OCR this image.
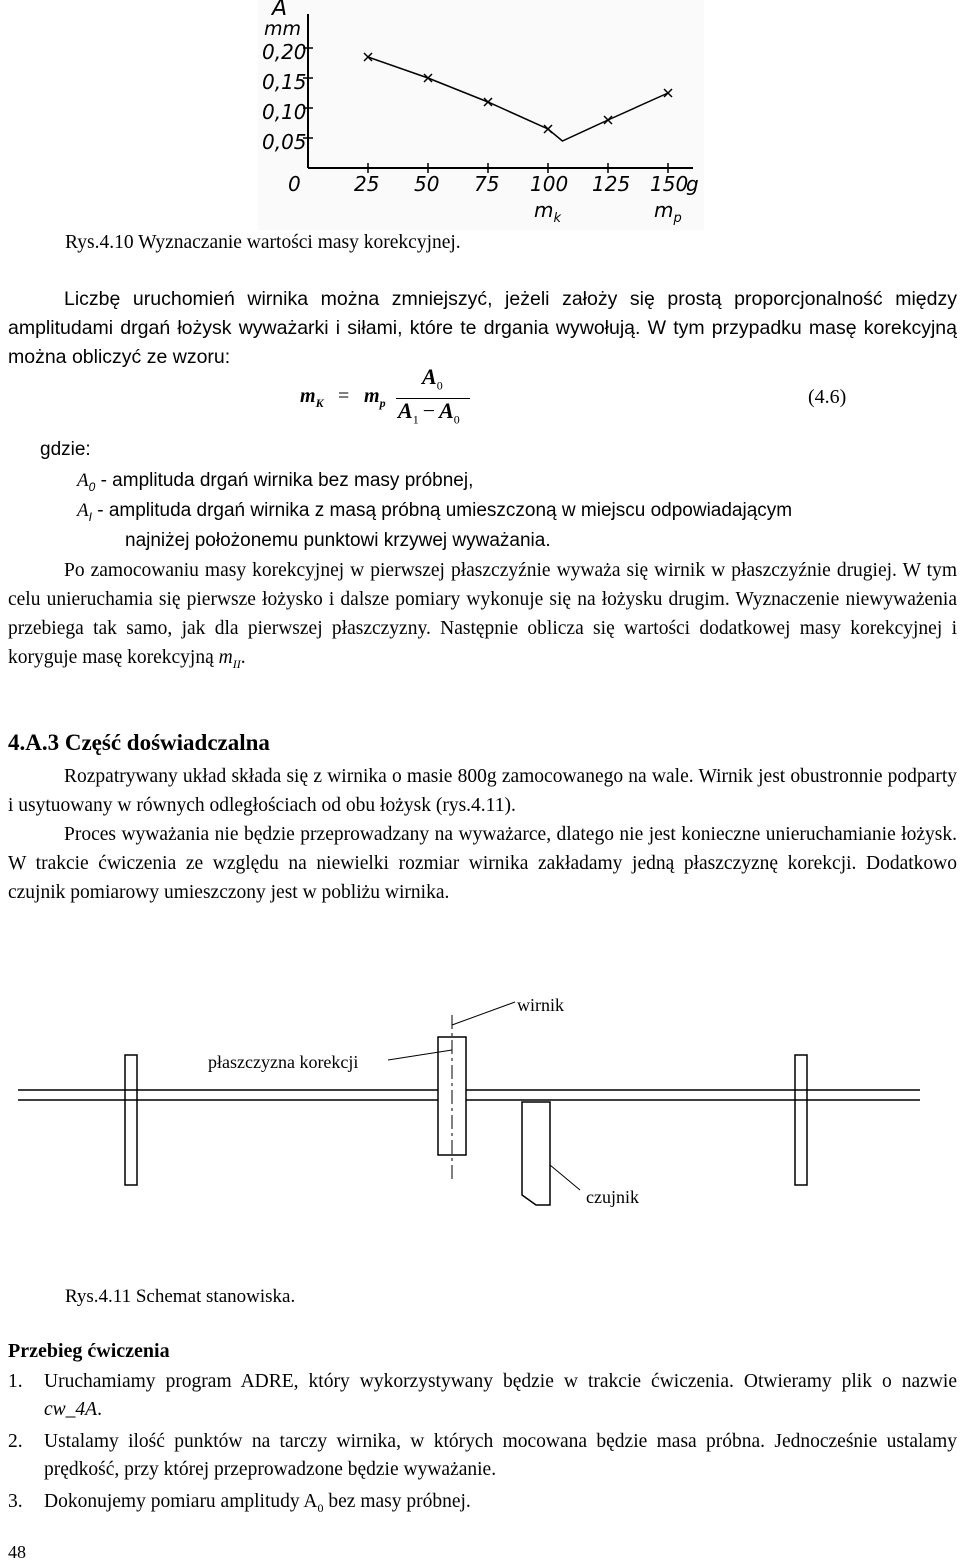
A
mm
0,20
0,15
0,10
0,05
0	25 50 75 100 125 150
g
$m_k$	$m_p$
Rys.4.10 Wyznaczanie wartości masy korekcyjnej.
Liczbę uruchomień wirnika można zmniejszyć, jeżeli założy się prostą proporcjonalność między amplitudami drgań łożysk wyważarki i siłami, które te drgania wywołują. W tym przypadku masę korekcyjną można obliczyć ze wzoru:
$m_K = m_p$
$A_0$
$A_1 - A_0$
(4.6)
gdzie:
$A_0$ - amplituda drgań wirnika bez masy próbnej,
$A_I$ - amplituda drgań wirnika z masą próbną umieszczoną w miejscu odpowiadającym
najniżej położonemu punktowi krzywej wyważania.
Po zamocowaniu masy korekcyjnej w pierwszej płaszczyźnie wyważa się wirnik w płaszczyźnie drugiej. W tym celu unieruchamia się pierwsze łożysko i dalsze pomiary wykonuje się na łożysku drugim. Wyznaczenie niewyważenia przebiega tak samo, jak dla pierwszej płaszczyzny. Następnie oblicza się wartości dodatkowej masy korekcyjnej i koryguje masę korekcyjną $m_{II}$.
4.A.3 Część doświadczalna
Rozpatrywany układ składa się z wirnika o masie 800g zamocowanego na wale. Wirnik jest obustronnie podparty i usytuowany w równych odległościach od obu łożysk (rys.4.11).
Proces wyważania nie będzie przeprowadzany na wyważarce, dlatego nie jest konieczne unieruchamianie łożysk. W trakcie ćwiczenia ze względu na niewielki rozmiar wirnika zakładamy jedną płaszczyznę korekcji. Dodatkowo czujnik pomiarowy umieszczony jest w pobliżu wirnika.
wirnik
płaszczyzna korekcji
czujnik
Rys.4.11 Schemat stanowiska.
Przebieg ćwiczenia
1. Uruchamiamy program ADRE, który wykorzystywany będzie w trakcie ćwiczenia. Otwieramy plik o nazwie cw_4A.
2. Ustalamy ilość punktów na tarczy wirnika, w których mocowana będzie masa próbna. Jednocześnie ustalamy prędkość, przy której przeprowadzone będzie wyważanie.
3. Dokonujemy pomiaru amplitudy $A_0$ bez masy próbnej.
48
